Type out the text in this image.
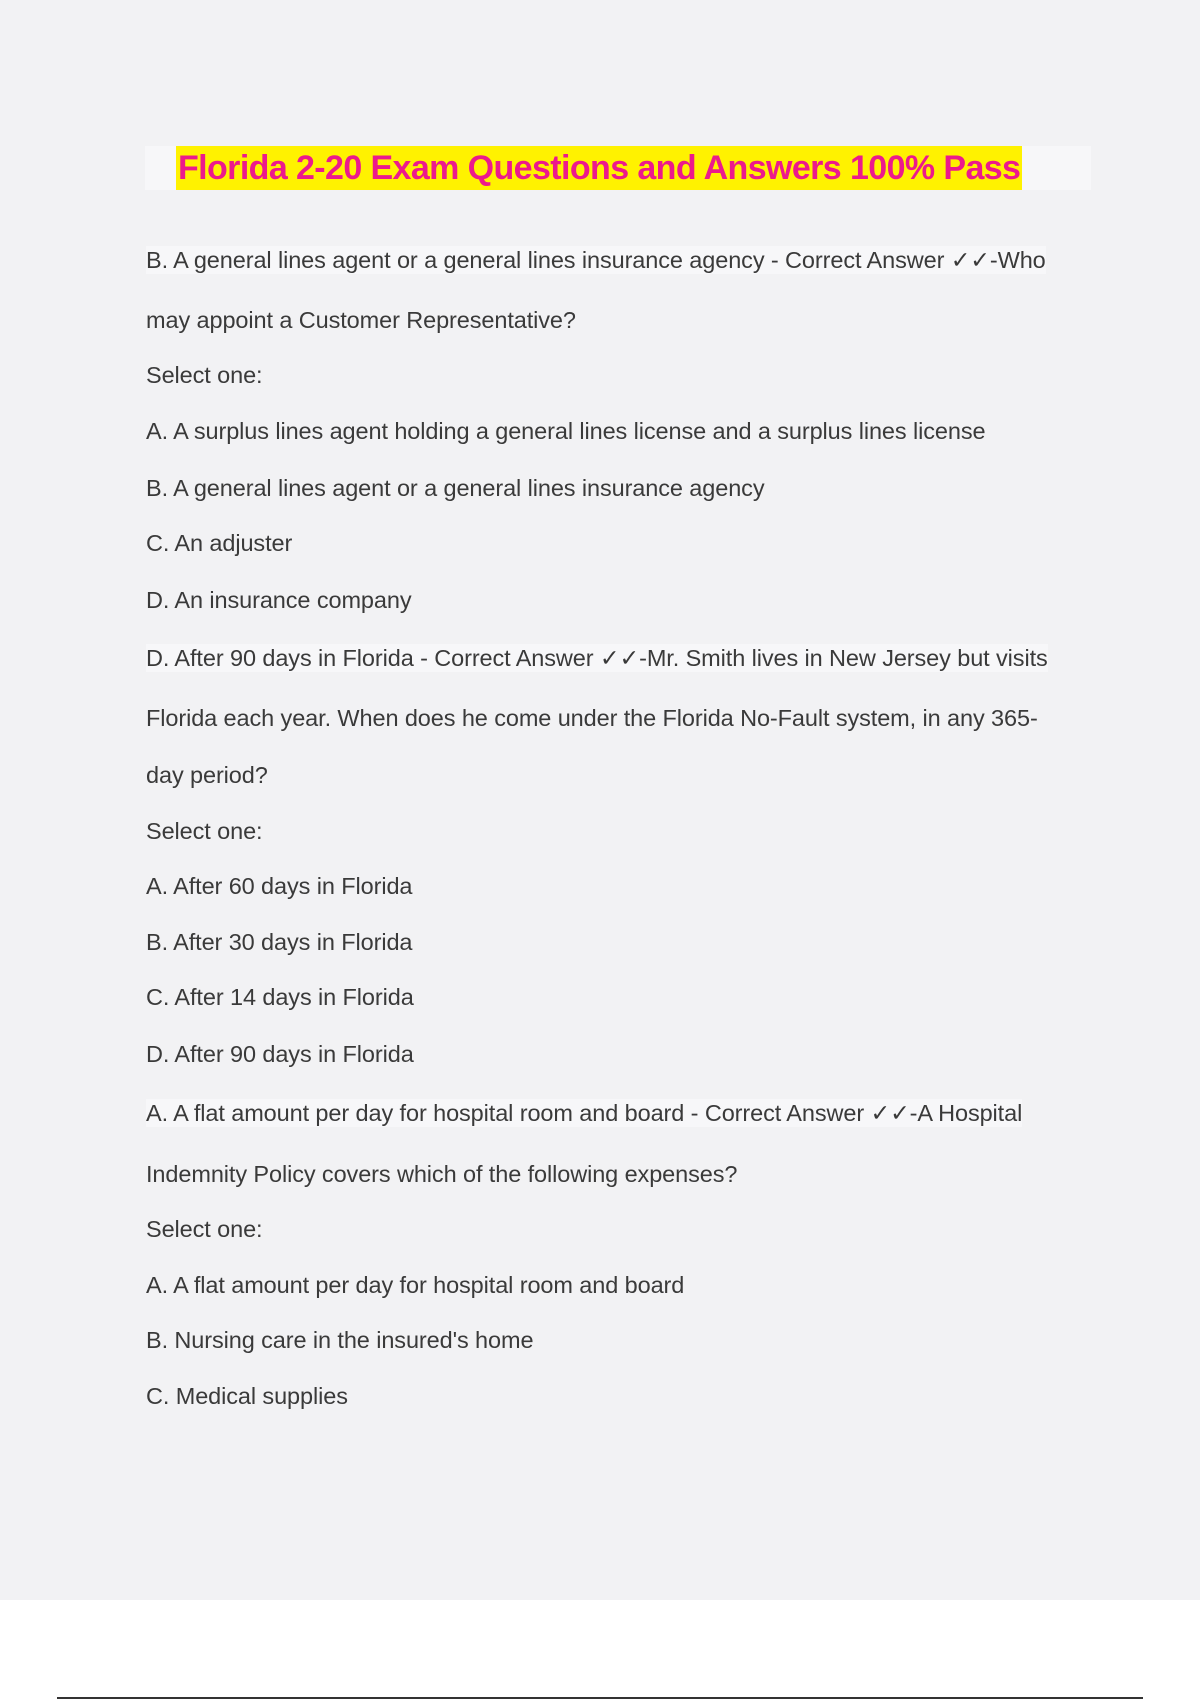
Florida 2-20 Exam Questions and Answers 100% Pass
B. A general lines agent or a general lines insurance agency - Correct Answer ✓✓-Who
may appoint a Customer Representative?
Select one:
A. A surplus lines agent holding a general lines license and a surplus lines license
B. A general lines agent or a general lines insurance agency
C. An adjuster
D. An insurance company
D. After 90 days in Florida - Correct Answer ✓✓-Mr. Smith lives in New Jersey but visits
Florida each year. When does he come under the Florida No-Fault system, in any 365-
day period?
Select one:
A. After 60 days in Florida
B. After 30 days in Florida
C. After 14 days in Florida
D. After 90 days in Florida
A. A flat amount per day for hospital room and board - Correct Answer ✓✓-A Hospital
Indemnity Policy covers which of the following expenses?
Select one:
A. A flat amount per day for hospital room and board
B. Nursing care in the insured's home
C. Medical supplies
